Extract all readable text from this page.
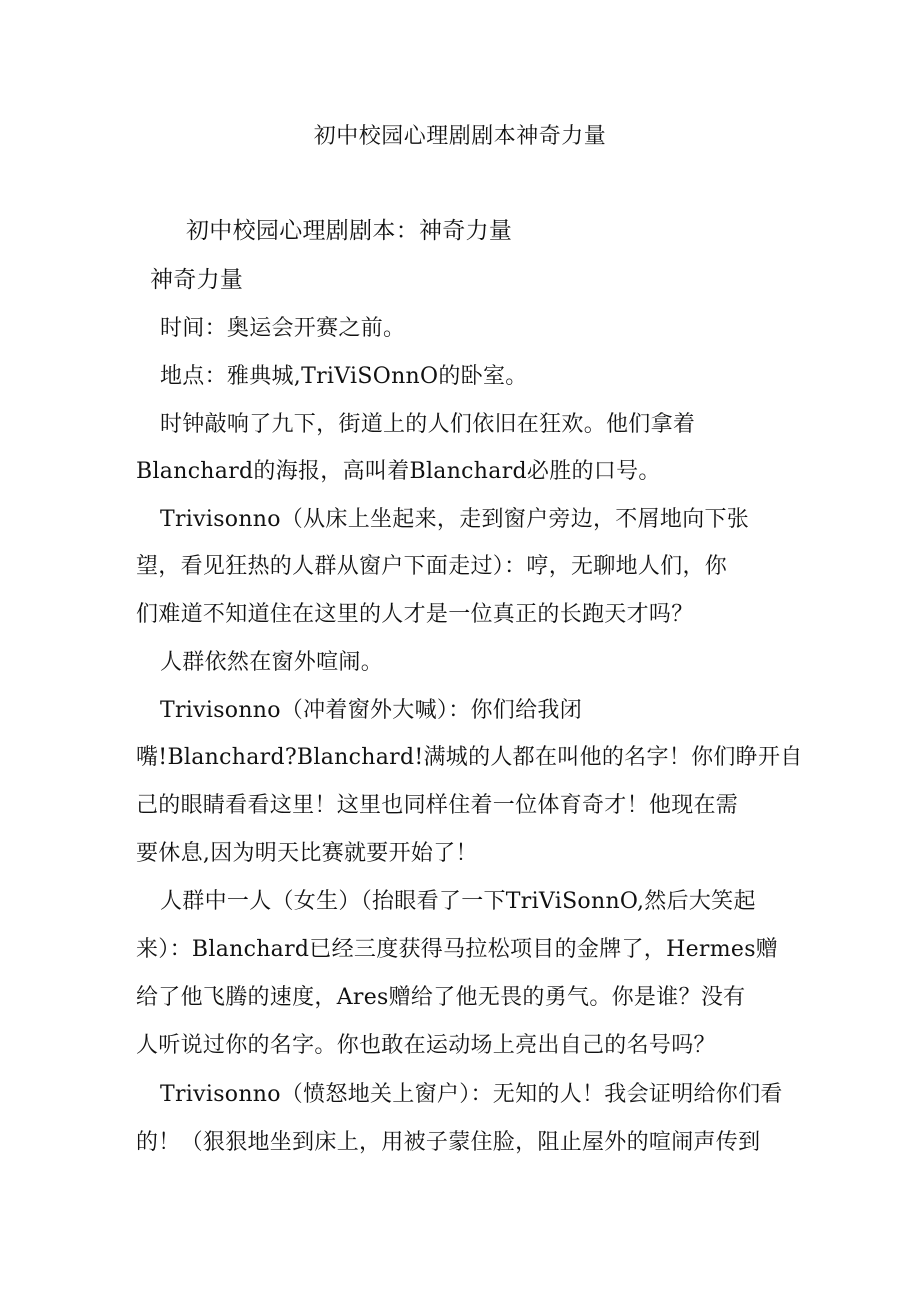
初中校园心理剧剧本神奇力量
初中校园心理剧剧本：神奇力量
神奇力量
时间：奥运会开赛之前。
地点：雅典城,TriViSOnnO的卧室。
时钟敲响了九下，街道上的人们依旧在狂欢。他们拿着
Blanchard的海报，高叫着Blanchard必胜的口号。
Trivisonno（从床上坐起来，走到窗户旁边，不屑地向下张
望，看见狂热的人群从窗户下面走过）：哼，无聊地人们，你
们难道不知道住在这里的人才是一位真正的长跑天才吗？
人群依然在窗外喧闹。
Trivisonno（冲着窗外大喊）：你们给我闭
嘴!Blanchard?Blanchard!满城的人都在叫他的名字！你们睁开自
己的眼睛看看这里！这里也同样住着一位体育奇才！他现在需
要休息,因为明天比赛就要开始了！
人群中一人（女生）（抬眼看了一下TriViSonnO,然后大笑起
来）：Blanchard已经三度获得马拉松项目的金牌了，Hermes赠
给了他飞腾的速度，Ares赠给了他无畏的勇气。你是谁？没有
人听说过你的名字。你也敢在运动场上亮出自己的名号吗？
Trivisonno（愤怒地关上窗户）：无知的人！我会证明给你们看
的！（狠狠地坐到床上，用被子蒙住脸，阻止屋外的喧闹声传到
